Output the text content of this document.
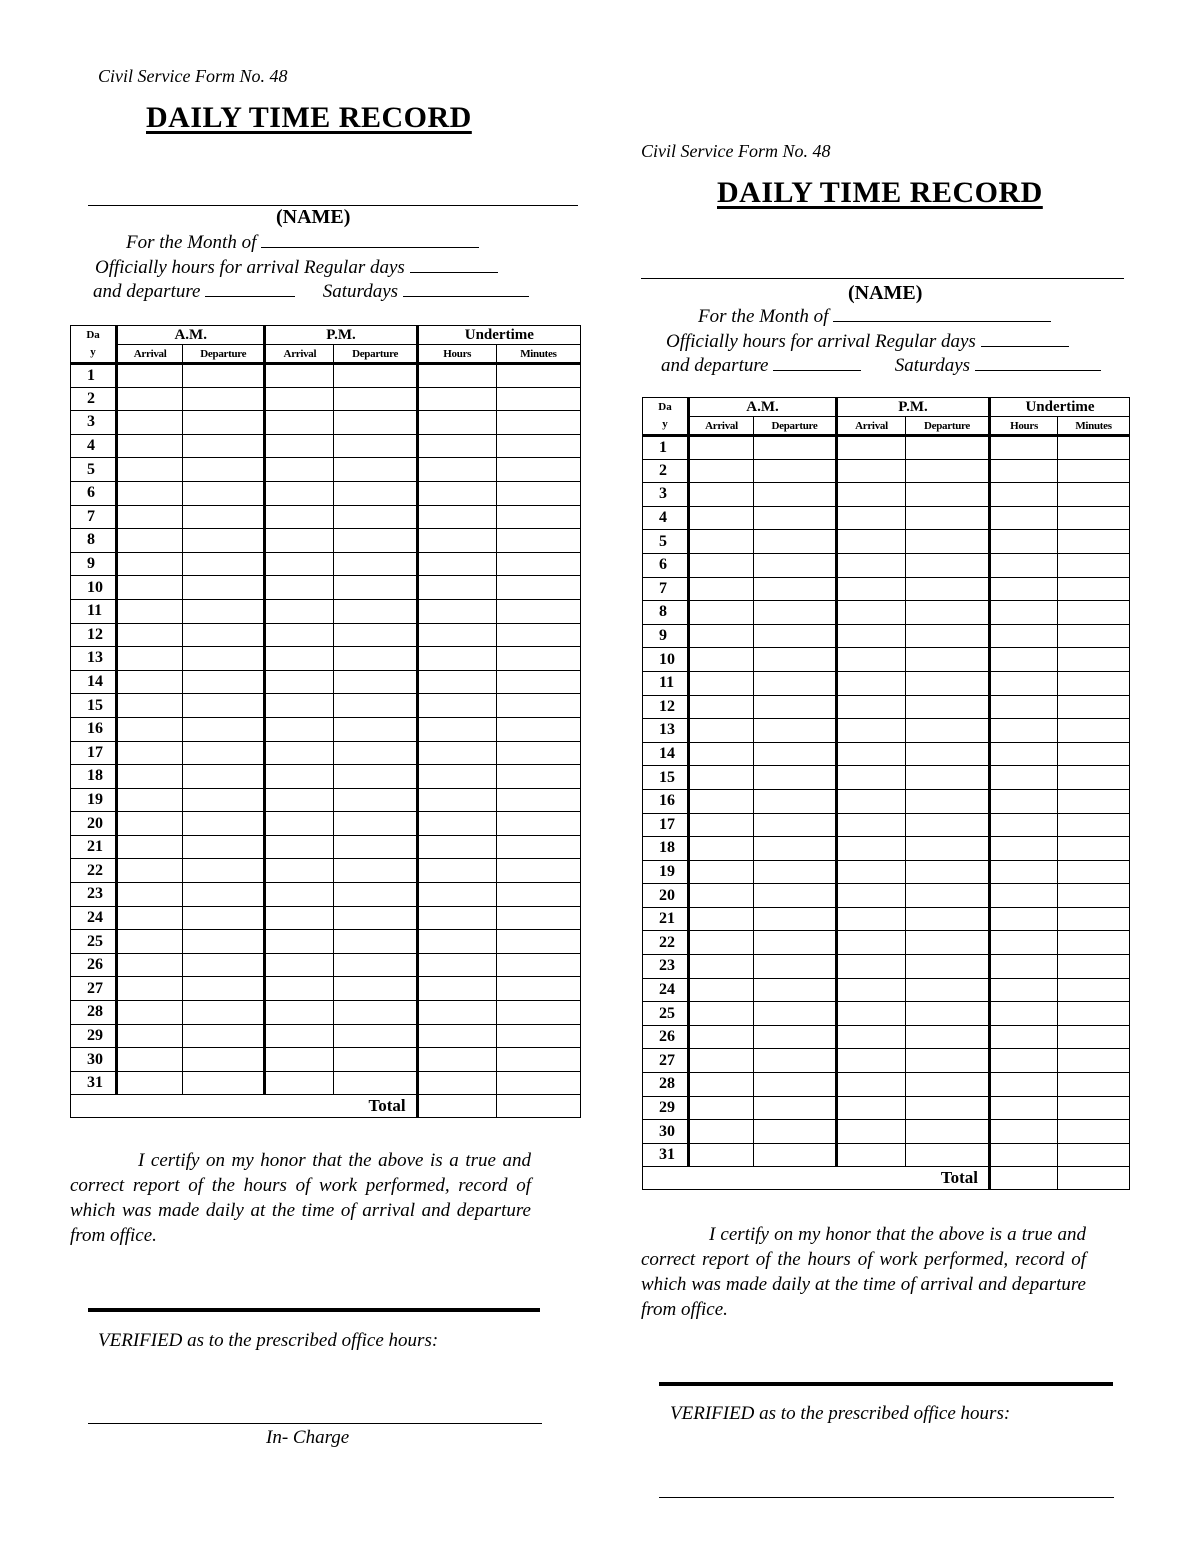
Civil Service Form No. 48
DAILY TIME RECORD
(NAME)
For the Month of
Officially hours for arrival Regular days
and departure	Saturdays
Da
y	A.M.		P.M.		Undertime	
	Arrival	Departure	Arrival	Departure	Hours	Minutes
1						
2						
3						
4						
5						
6						
7						
8						
9						
10						
11						
12						
13						
14						
15						
16						
17						
18						
19						
20						
21						
22						
23						
24						
25						
26						
27						
28						
29						
30						
31						
Total						
I certify on my honor that the above is a true and correct report of the hours of work performed, record of which was made daily at the time of arrival and departure from office.
VERIFIED as to the prescribed office hours:
In- Charge
Civil Service Form No. 48
DAILY TIME RECORD
(NAME)
For the Month of
Officially hours for arrival Regular days
and departure	Saturdays
Da
y	A.M.		P.M.		Undertime	
	Arrival	Departure	Arrival	Departure	Hours	Minutes
1						
2						
3						
4						
5						
6						
7						
8						
9						
10						
11						
12						
13						
14						
15						
16						
17						
18						
19						
20						
21						
22						
23						
24						
25						
26						
27						
28						
29						
30						
31						
Total						
I certify on my honor that the above is a true and correct report of the hours of work performed, record of which was made daily at the time of arrival and departure from office.
VERIFIED as to the prescribed office hours:
